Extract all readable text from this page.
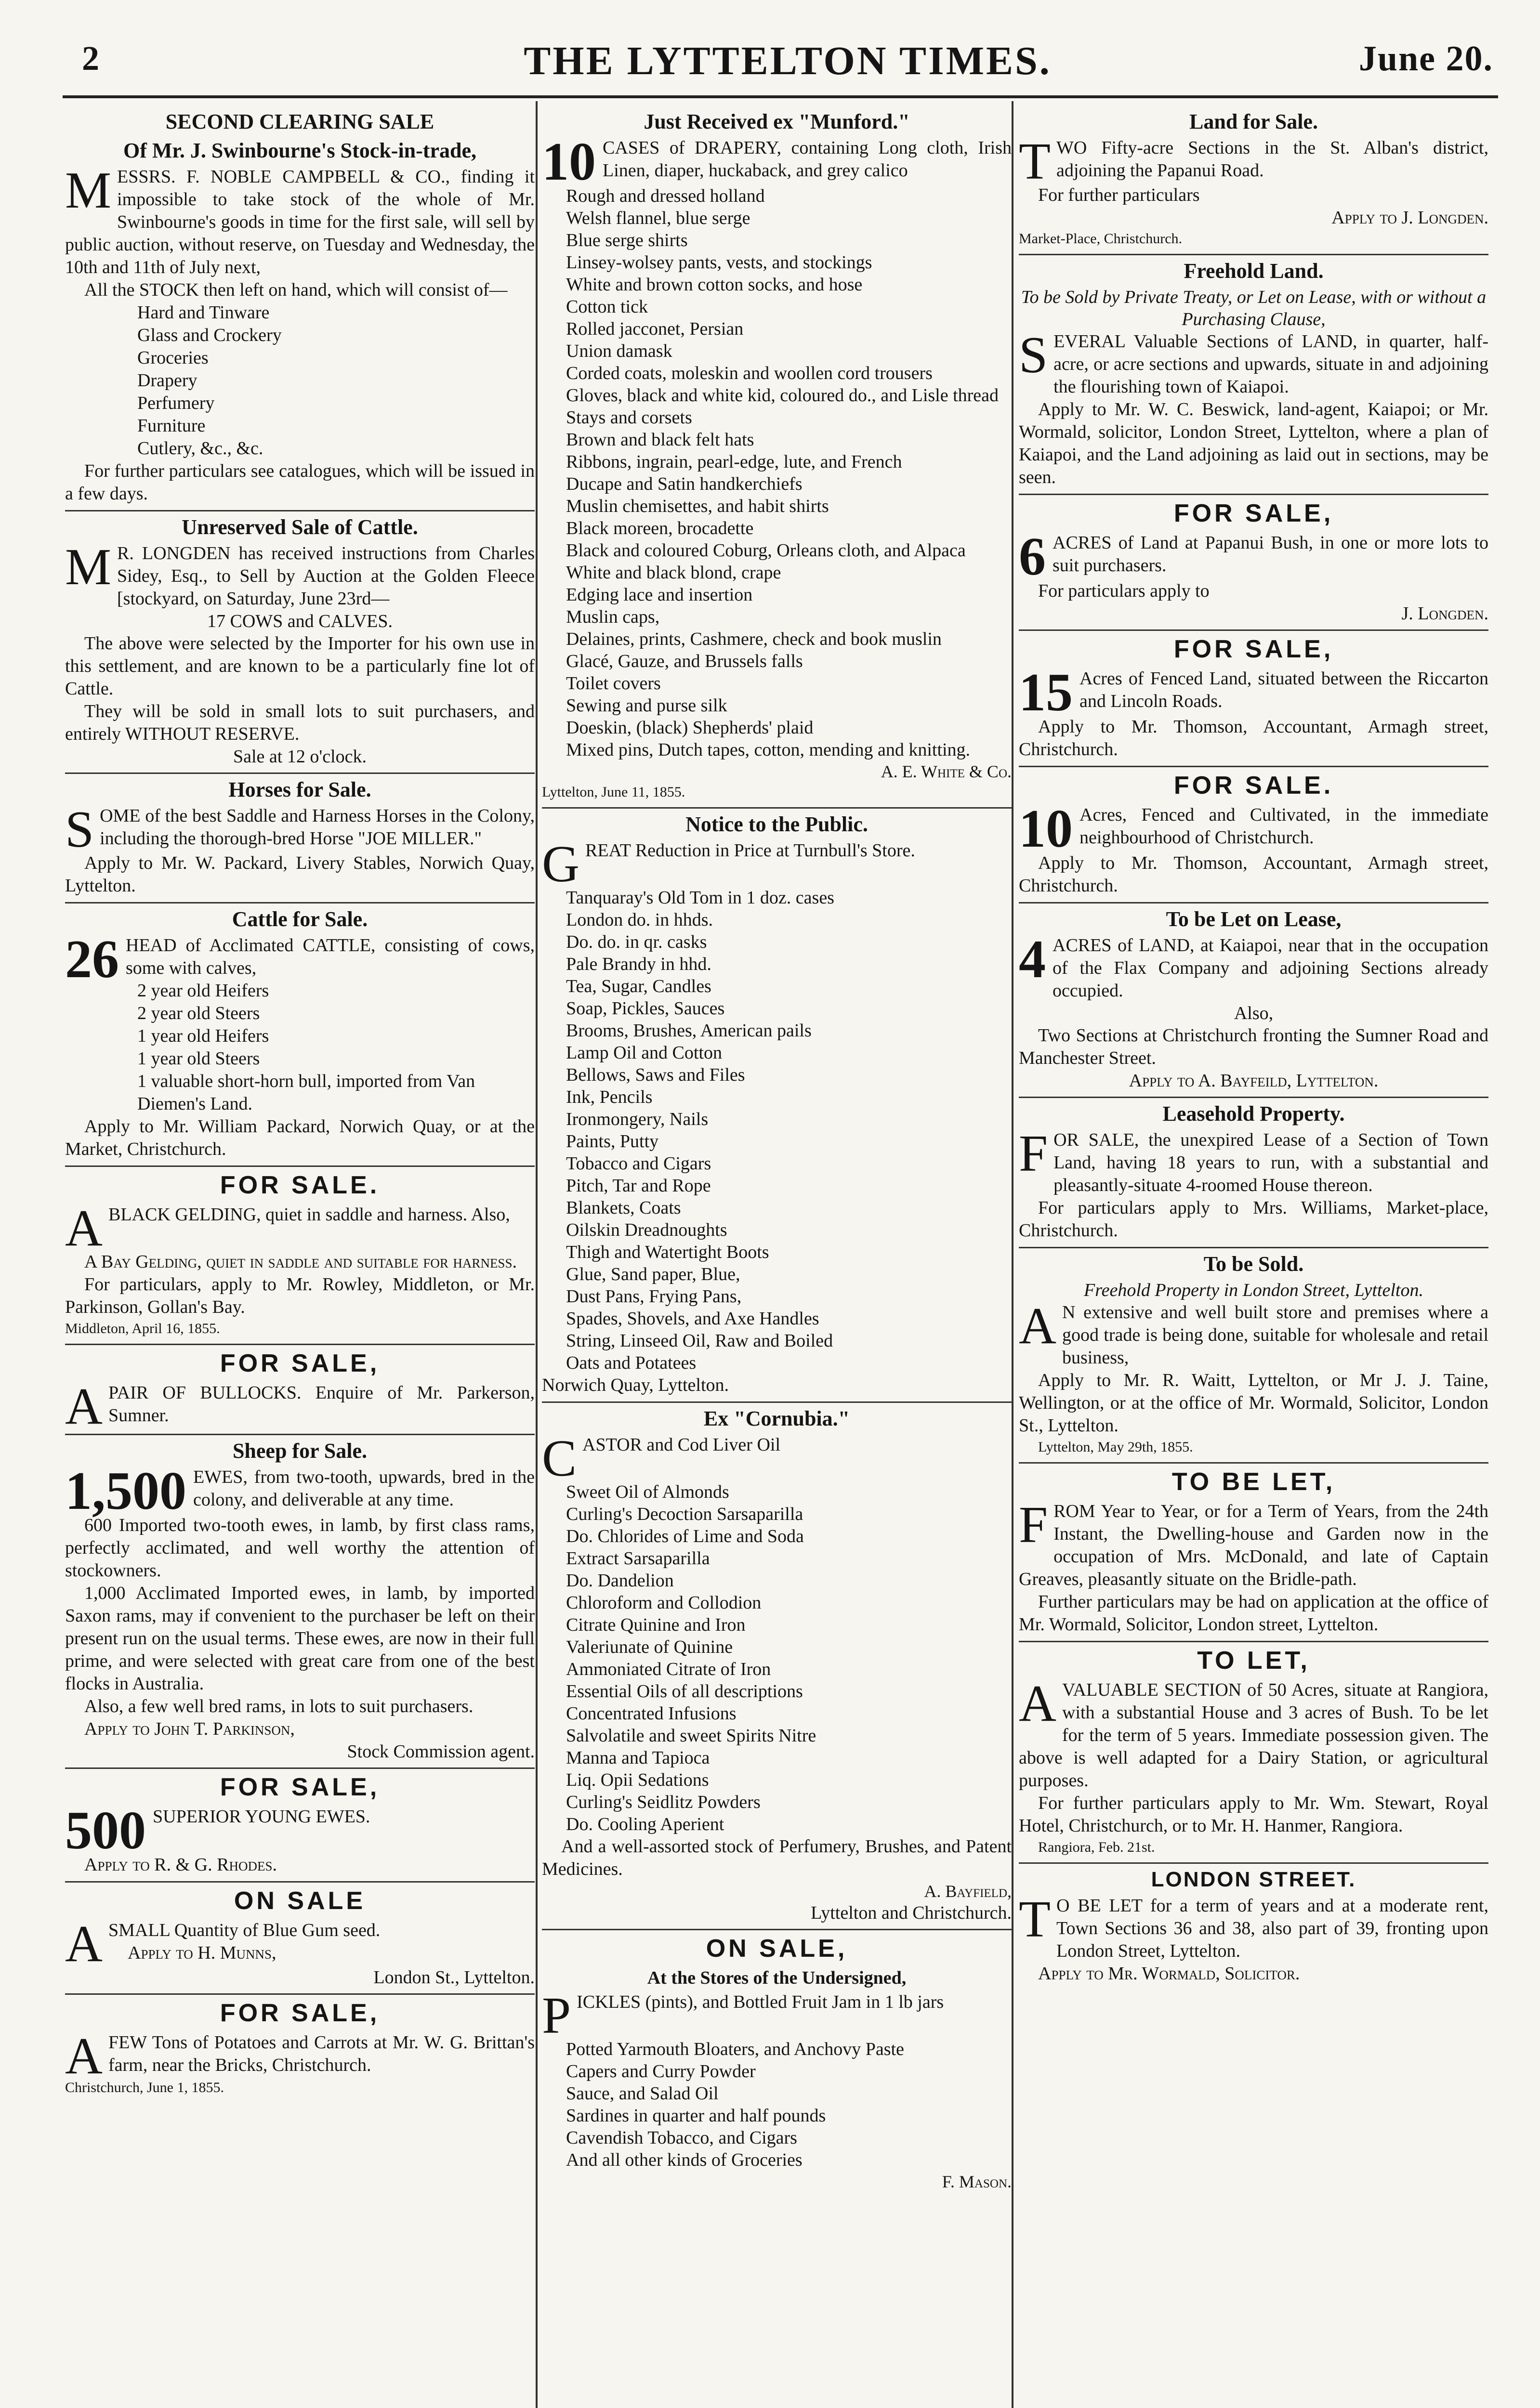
2	THE LYTTELTON TIMES.	June 20.
SECOND CLEARING SALE
Of Mr. J. Swinbourne's Stock-in-trade,

MESSRS. F. NOBLE CAMPBELL & CO., finding it impossible to take stock of the whole of Mr. Swinbourne's goods in time for the first sale, will sell by public auction, without reserve, on Tuesday and Wednesday, the 10th and 11th of July next,

All the STOCK then left on hand, which will consist of—

Hard and Tinware

Glass and Crockery

Groceries

Drapery

Perfumery

Furniture

Cutlery, &c., &c.

For further particulars see catalogues, which will be issued in a few days.

Unreserved Sale of Cattle.

M R. LONGDEN has received instructions from Charles Sidey, Esq., to Sell by Auction at the Golden Fleece [stockyard, on Saturday, June 23rd—

17 COWS and CALVES.

The above were selected by the Importer for his own use in this settlement, and are known to be a particularly fine lot of Cattle.

They will be sold in small lots to suit purchasers, and entirely WITHOUT RESERVE.

Sale at 12 o'clock.

Horses for Sale.

SOME of the best Saddle and Harness Horses in the Colony, including the thorough-bred Horse "JOE MILLER."

Apply to Mr. W. Packard, Livery Stables, Norwich Quay, Lyttelton.

Cattle for Sale.

26 HEAD of Acclimated CATTLE, consisting of cows, some with calves,

2 year old Heifers

2 year old Steers

1 year old Heifers

1 year old Steers

1 valuable short-horn bull, imported from Van Diemen's Land.

Apply to Mr. William Packard, Norwich Quay, or at the Market, Christchurch.

FOR SALE.

ABLACK GELDING, quiet in saddle and harness. Also,

A Bay Gelding, quiet in saddle and suitable for harness.

For particulars, apply to Mr. Rowley, Middleton, or Mr. Parkinson, Gollan's Bay.

Middleton, April 16, 1855.

FOR SALE,

APAIR OF BULLOCKS. Enquire of Mr. Parkerson, Sumner.

Sheep for Sale.

1,500 EWES, from two-tooth, upwards, bred in the colony, and deliverable at any time.

600 Imported two-tooth ewes, in lamb, by first class rams, perfectly acclimated, and well worthy the attention of stockowners.

1,000 Acclimated Imported ewes, in lamb, by imported Saxon rams, may if convenient to the purchaser be left on their present run on the usual terms. These ewes, are now in their full prime, and were selected with great care from one of the best flocks in Australia.

Also, a few well bred rams, in lots to suit purchasers.

Apply to John T. Parkinson,

Stock Commission agent.

FOR SALE,

500 SUPERIOR YOUNG EWES.

Apply to R. & G. Rhodes.

ON SALE

ASMALL Quantity of Blue Gum seed.

Apply to H. Munns,

London St., Lyttelton.

FOR SALE,

AFEW Tons of Potatoes and Carrots at Mr. W. G. Brittan's farm, near the Bricks, Christchurch.

Christchurch, June 1, 1855.

Just Received ex "Munford."

10 CASES of DRAPERY, containing Long cloth, Irish Linen, diaper, huckaback, and grey calico

Rough and dressed holland

Welsh flannel, blue serge

Blue serge shirts

Linsey-wolsey pants, vests, and stockings

White and brown cotton socks, and hose

Cotton tick

Rolled jacconet, Persian

Union damask

Corded coats, moleskin and woollen cord trousers

Gloves, black and white kid, coloured do., and Lisle thread

Stays and corsets

Brown and black felt hats

Ribbons, ingrain, pearl-edge, lute, and French

Ducape and Satin handkerchiefs

Muslin chemisettes, and habit shirts

Black moreen, brocadette

Black and coloured Coburg, Orleans cloth, and Alpaca

White and black blond, crape

Edging lace and insertion

Muslin caps,

Delaines, prints, Cashmere, check and book muslin

Glacé, Gauze, and Brussels falls

Toilet covers

Sewing and purse silk

Doeskin, (black) Shepherds' plaid

Mixed pins, Dutch tapes, cotton, mending and knitting.

A. E. White & Co.

Lyttelton, June 11, 1855.

Notice to the Public.

GREAT Reduction in Price at Turnbull's Store.

Tanquaray's Old Tom in 1 doz. cases

London do. in hhds.

Do. do. in qr. casks

Pale Brandy in hhd.

Tea, Sugar, Candles

Soap, Pickles, Sauces

Brooms, Brushes, American pails

Lamp Oil and Cotton

Bellows, Saws and Files

Ink, Pencils

Ironmongery, Nails

Paints, Putty

Tobacco and Cigars

Pitch, Tar and Rope

Blankets, Coats

Oilskin Dreadnoughts

Thigh and Watertight Boots

Glue, Sand paper, Blue,

Dust Pans, Frying Pans,

Spades, Shovels, and Axe Handles

String, Linseed Oil, Raw and Boiled

Oats and Potatees

Norwich Quay, Lyttelton.

Ex "Cornubia."

CASTOR and Cod Liver Oil

Sweet Oil of Almonds

Curling's Decoction Sarsaparilla

Do. Chlorides of Lime and Soda

Extract Sarsaparilla

Do. Dandelion

Chloroform and Collodion

Citrate Quinine and Iron

Valeriunate of Quinine

Ammoniated Citrate of Iron

Essential Oils of all descriptions

Concentrated Infusions

Salvolatile and sweet Spirits Nitre

Manna and Tapioca

Liq. Opii Sedations

Curling's Seidlitz Powders

Do. Cooling Aperient

And a well-assorted stock of Perfumery, Brushes, and Patent Medicines.

A. Bayfield,

Lyttelton and Christchurch.

ON SALE,
At the Stores of the Undersigned,

PICKLES (pints), and Bottled Fruit Jam in 1 lb jars

Potted Yarmouth Bloaters, and Anchovy Paste

Capers and Curry Powder

Sauce, and Salad Oil

Sardines in quarter and half pounds

Cavendish Tobacco, and Cigars

And all other kinds of Groceries

F. Mason.

Land for Sale.

TWO Fifty-acre Sections in the St. Alban's district, adjoining the Papanui Road.

For further particulars

Apply to J. Longden.

Market-Place, Christchurch.

Freehold Land.
To be Sold by Private Treaty, or Let on Lease, with or without a Purchasing Clause,

SEVERAL Valuable Sections of LAND, in quarter, half-acre, or acre sections and upwards, situate in and adjoining the flourishing town of Kaiapoi.

Apply to Mr. W. C. Beswick, land-agent, Kaiapoi; or Mr. Wormald, solicitor, London Street, Lyttelton, where a plan of Kaiapoi, and the Land adjoining as laid out in sections, may be seen.

FOR SALE,

6 ACRES of Land at Papanui Bush, in one or more lots to suit purchasers.

For particulars apply to

J. Longden.

FOR SALE,

15 Acres of Fenced Land, situated between the Riccarton and Lincoln Roads.

Apply to Mr. Thomson, Accountant, Armagh street, Christchurch.

FOR SALE.

10 Acres, Fenced and Cultivated, in the immediate neighbourhood of Christchurch.

Apply to Mr. Thomson, Accountant, Armagh street, Christchurch.

To be Let on Lease,

4 ACRES of LAND, at Kaiapoi, near that in the occupation of the Flax Company and adjoining Sections already occupied.

Also,

Two Sections at Christchurch fronting the Sumner Road and Manchester Street.

Apply to A. Bayfeild, Lyttelton.

Leasehold Property.

FOR SALE, the unexpired Lease of a Section of Town Land, having 18 years to run, with a substantial and pleasantly-situate 4-roomed House thereon.

For particulars apply to Mrs. Williams, Market-place, Christchurch.

To be Sold.
Freehold Property in London Street, Lyttelton.

A N extensive and well built store and premises where a good trade is being done, suitable for wholesale and retail business,

Apply to Mr. R. Waitt, Lyttelton, or Mr J. J. Taine, Wellington, or at the office of Mr. Wormald, Solicitor, London St., Lyttelton.

Lyttelton, May 29th, 1855.

TO BE LET,

FROM Year to Year, or for a Term of Years, from the 24th Instant, the Dwelling-house and Garden now in the occupation of Mrs. McDonald, and late of Captain Greaves, pleasantly situate on the Bridle-path.

Further particulars may be had on application at the office of Mr. Wormald, Solicitor, London street, Lyttelton.

TO LET,

AVALUABLE SECTION of 50 Acres, situate at Rangiora, with a substantial House and 3 acres of Bush. To be let for the term of 5 years. Immediate possession given. The above is well adapted for a Dairy Station, or agricultural purposes.

For further particulars apply to Mr. Wm. Stewart, Royal Hotel, Christchurch, or to Mr. H. Hanmer, Rangiora.

Rangiora, Feb. 21st.

LONDON STREET.

T O BE LET for a term of years and at a moderate rent, Town Sections 36 and 38, also part of 39, fronting upon London Street, Lyttelton.

Apply to Mr. Wormald, Solicitor.
